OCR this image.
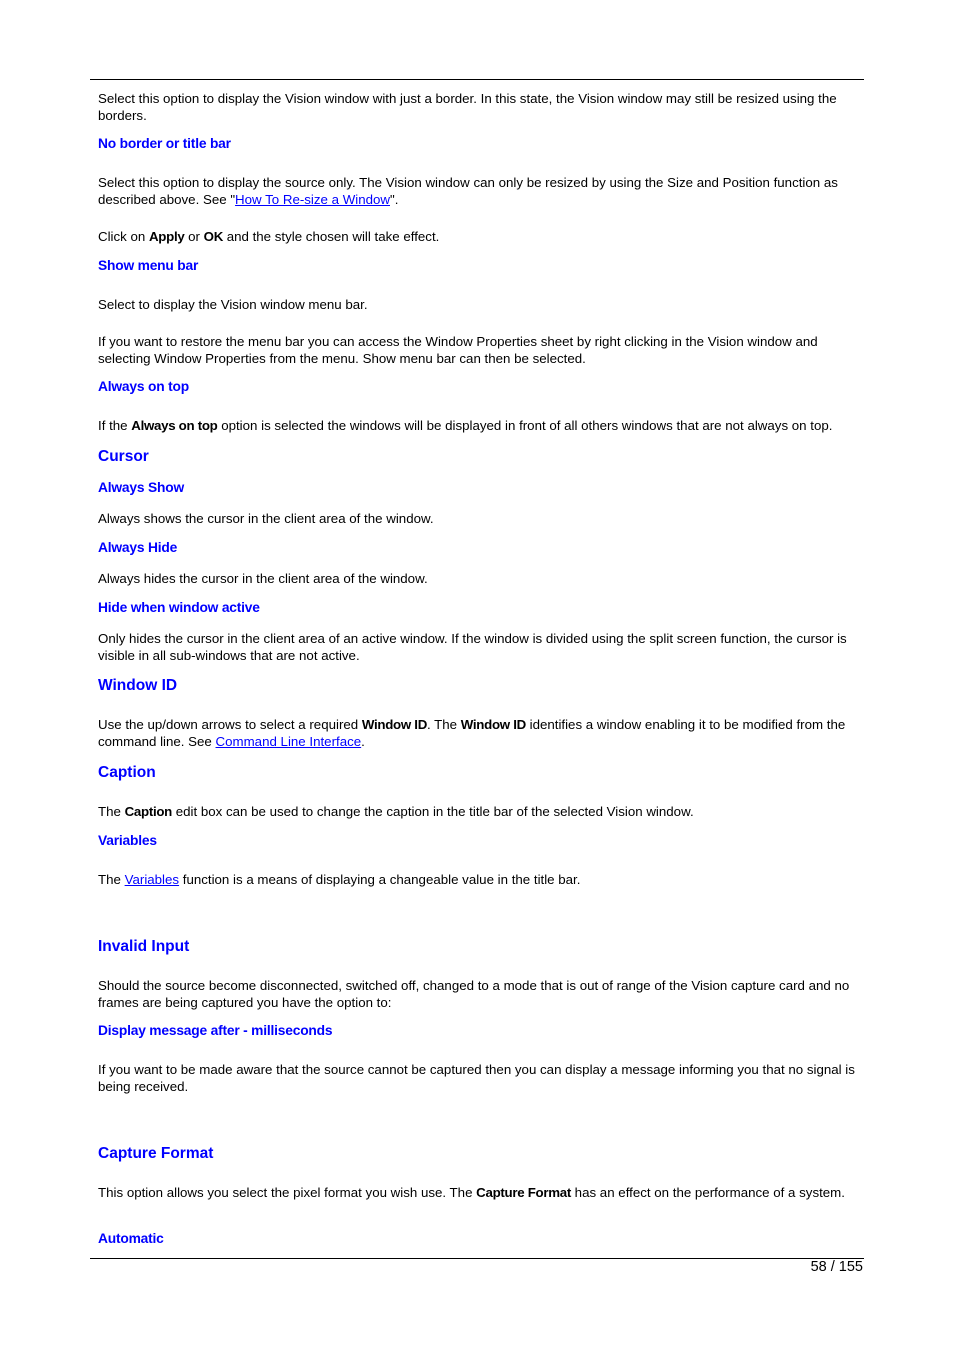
Select this option to display the Vision window with just a border. In this state, the Vision window may still be resized using the borders.

No border or title bar

Select this option to display the source only. The Vision window can only be resized by using the Size and Position function as described above. See "How To Re-size a Window".

Click on Apply or OK and the style chosen will take effect.

Show menu bar

Select to display the Vision window menu bar.

If you want to restore the menu bar you can access the Window Properties sheet by right clicking in the Vision window and selecting Window Properties from the menu. Show menu bar can then be selected.

Always on top

If the Always on top option is selected the windows will be displayed in front of all others windows that are not always on top.

Cursor
Always Show

Always shows the cursor in the client area of the window.

Always Hide

Always hides the cursor in the client area of the window.

Hide when window active

Only hides the cursor in the client area of an active window. If the window is divided using the split screen function, the cursor is visible in all sub-windows that are not active.

Window ID

Use the up/down arrows to select a required Window ID. The Window ID identifies a window enabling it to be modified from the command line. See Command Line Interface.

Caption

The Caption edit box can be used to change the caption in the title bar of the selected Vision window.

Variables

The Variables function is a means of displaying a changeable value in the title bar.

Invalid Input

Should the source become disconnected, switched off, changed to a mode that is out of range of the Vision capture card and no frames are being captured you have the option to:

Display message after - milliseconds

If you want to be made aware that the source cannot be captured then you can display a message informing you that no signal is being received.

Capture Format

This option allows you select the pixel format you wish use. The Capture Format has an effect on the performance of a system.

Automatic
58 / 155
